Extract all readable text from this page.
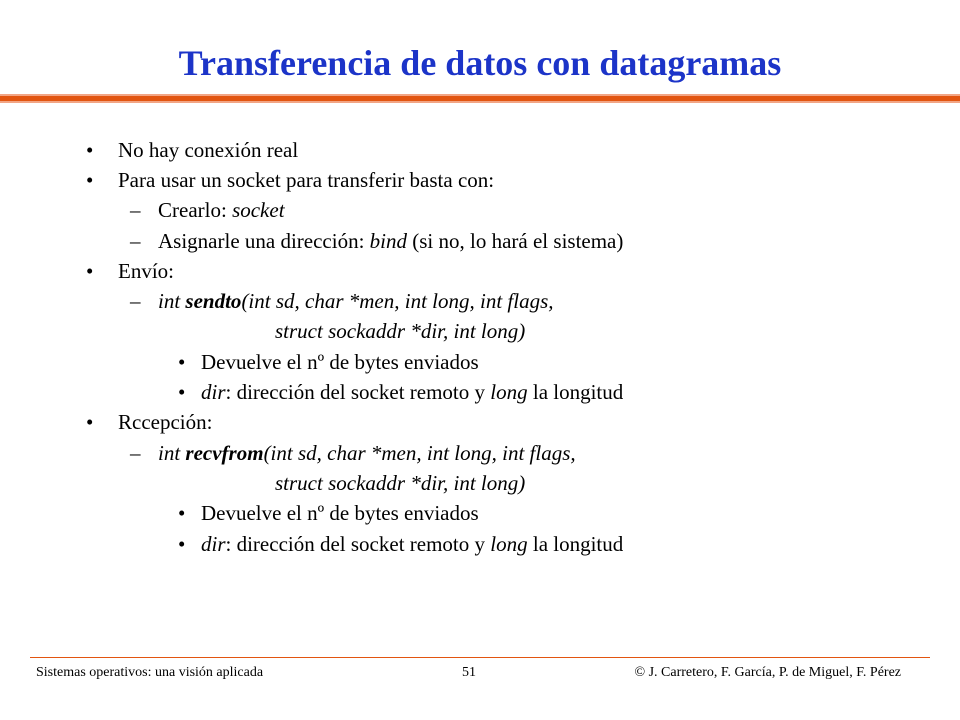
Transferencia de datos con datagramas
• No hay conexión real
• Para usar un socket para transferir basta con:
– Crearlo: socket
– Asignarle una dirección: bind (si no, lo hará el sistema)
• Envío:
– int sendto(int sd, char *men, int long, int flags,
struct sockaddr *dir, int long)
• Devuelve el nº de bytes enviados
• dir: dirección del socket remoto y long la longitud
• Rccepción:
– int recvfrom(int sd, char *men, int long, int flags,
struct sockaddr *dir, int long)
• Devuelve el nº de bytes enviados
• dir: dirección del socket remoto y long la longitud
Sistemas operativos: una visión aplicada	51	© J. Carretero, F. García, P. de Miguel, F. Pérez
